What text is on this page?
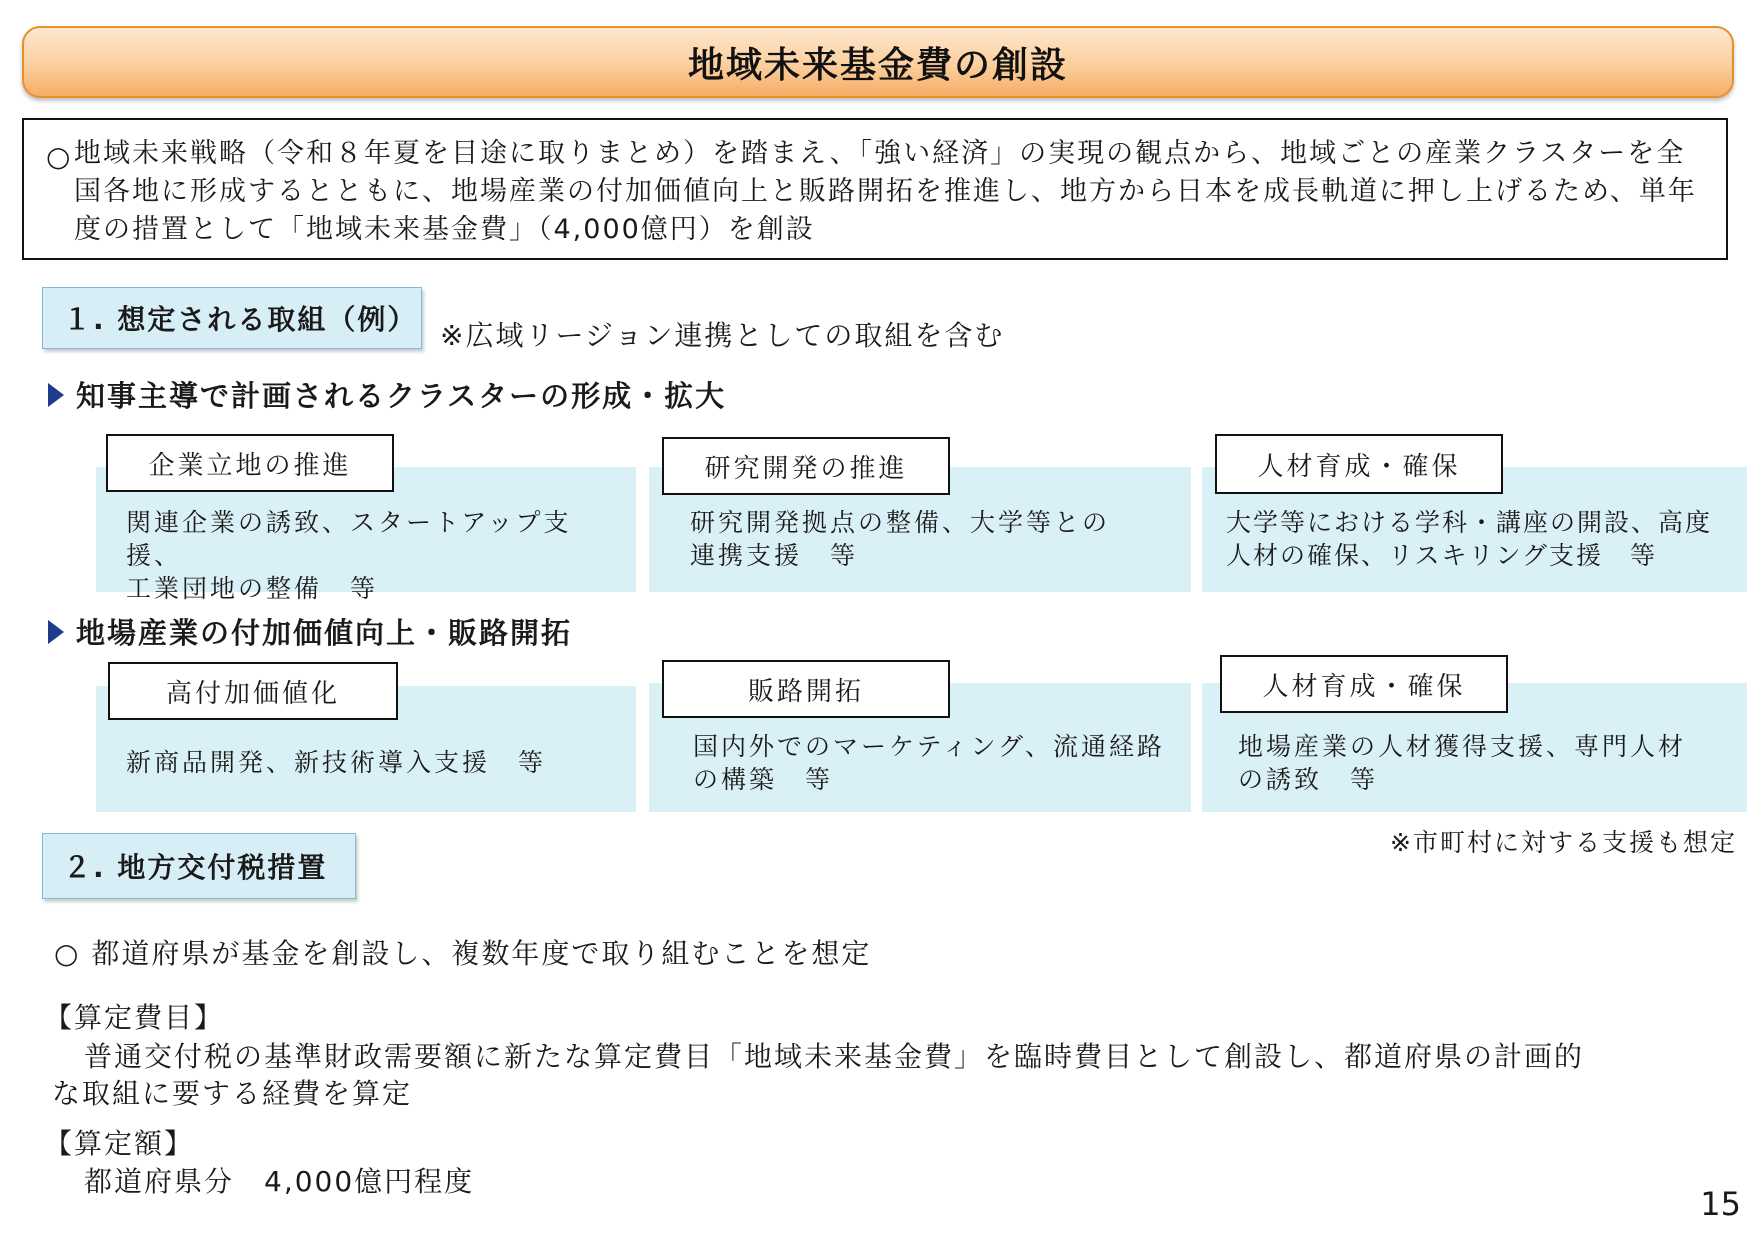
地域未来基金費の創設
○ 地域未来戦略（令和８年夏を目途に取りまとめ）を踏まえ、「強い経済」の実現の観点から、地域ごとの産業クラスターを全国各地に形成するとともに、地場産業の付加価値向上と販路開拓を推進し、地方から日本を成長軌道に押し上げるため、単年度の措置として「地域未来基金費」（4,000億円）を創設
１. 想定される取組（例） ※広域リージョン連携としての取組を含む
知事主導で計画されるクラスターの形成・拡大
企業立地の推進
関連企業の誘致、スタートアップ支援、
工業団地の整備　等
研究開発の推進
研究開発拠点の整備、大学等との
連携支援　等
人材育成・確保
大学等における学科・講座の開設、高度
人材の確保、リスキリング支援　等
地場産業の付加価値向上・販路開拓
高付加価値化
新商品開発、新技術導入支援　等
販路開拓
国内外でのマーケティング、流通経路
の構築　等
人材育成・確保
地場産業の人材獲得支援、専門人材
の誘致　等
※市町村に対する支援も想定
２. 地方交付税措置
○ 都道府県が基金を創設し、複数年度で取り組むことを想定
【算定費目】
普通交付税の基準財政需要額に新たな算定費目「地域未来基金費」を臨時費目として創設し、都道府県の計画的
な取組に要する経費を算定
【算定額】
都道府県分　4,000億円程度
15
